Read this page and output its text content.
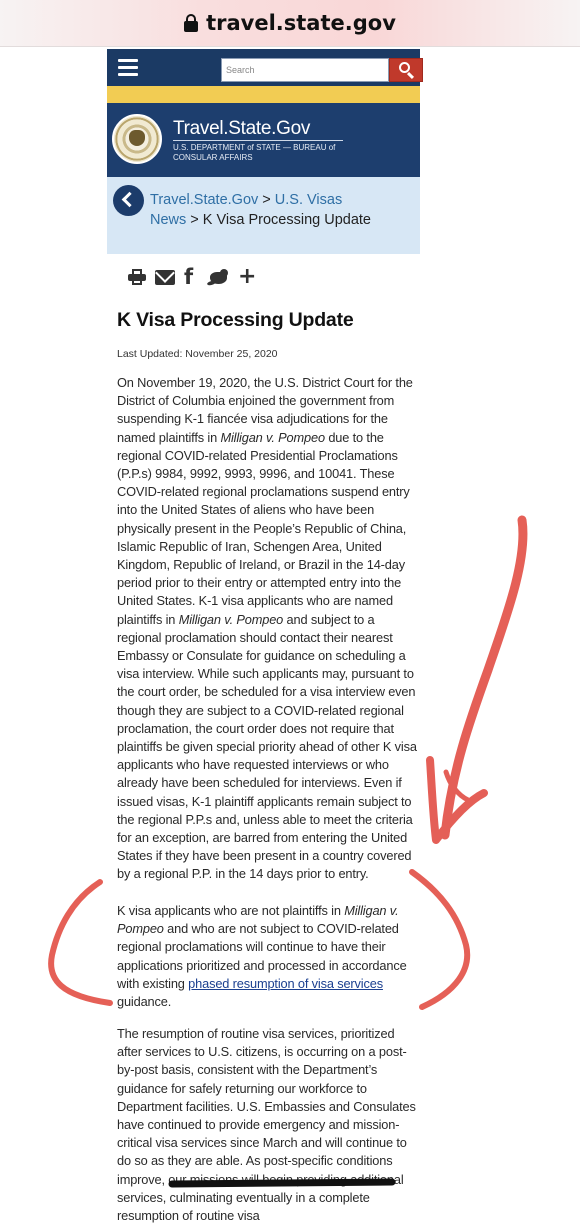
travel.state.gov
Search
Travel.State.Gov
U.S. DEPARTMENT of STATE — BUREAU of CONSULAR AFFAIRS
Travel.State.Gov > U.S. Visas
News > K Visa Processing Update
f +
K Visa Processing Update
Last Updated: November 25, 2020
On November 19, 2020, the U.S. District Court for the District of Columbia enjoined the government from suspending K-1 fiancée visa adjudications for the named plaintiffs in Milligan v. Pompeo due to the regional COVID-related Presidential Proclamations (P.P.s) 9984, 9992, 9993, 9996, and 10041. These COVID-related regional proclamations suspend entry into the United States of aliens who have been physically present in the People’s Republic of China, Islamic Republic of Iran, Schengen Area, United Kingdom, Republic of Ireland, or Brazil in the 14-day period prior to their entry or attempted entry into the United States. K-1 visa applicants who are named plaintiffs in Milligan v. Pompeo and subject to a regional proclamation should contact their nearest Embassy or Consulate for guidance on scheduling a visa interview. While such applicants may, pursuant to the court order, be scheduled for a visa interview even though they are subject to a COVID-related regional proclamation, the court order does not require that plaintiffs be given special priority ahead of other K visa applicants who have requested interviews or who already have been scheduled for interviews. Even if issued visas, K-1 plaintiff applicants remain subject to the regional P.P.s and, unless able to meet the criteria for an exception, are barred from entering the United States if they have been present in a country covered by a regional P.P. in the 14 days prior to entry.
K visa applicants who are not plaintiffs in Milligan v. Pompeo and who are not subject to COVID-related regional proclamations will continue to have their applications prioritized and processed in accordance with existing phased resumption of visa services guidance.
The resumption of routine visa services, prioritized after services to U.S. citizens, is occurring on a post-by-post basis, consistent with the Department’s guidance for safely returning our workforce to Department facilities. U.S. Embassies and Consulates have continued to provide emergency and mission-critical visa services since March and will continue to do so as they are able. As post-specific conditions improve, our missions will begin providing additional services, culminating eventually in a complete resumption of routine visa
